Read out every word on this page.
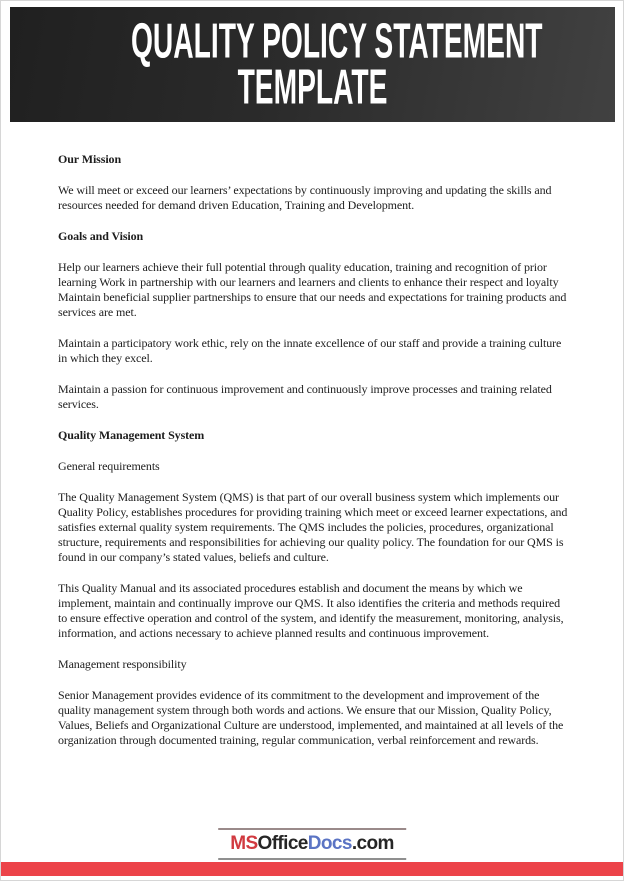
QUALITY POLICY STATEMENT
TEMPLATE
Our Mission
We will meet or exceed our learners’ expectations by continuously improving and updating the skills and resources needed for demand driven Education, Training and Development.
Goals and Vision
Help our learners achieve their full potential through quality education, training and recognition of prior learning Work in partnership with our learners and learners and clients to enhance their respect and loyalty Maintain beneficial supplier partnerships to ensure that our needs and expectations for training products and services are met.
Maintain a participatory work ethic, rely on the innate excellence of our staff and provide a training culture in which they excel.
Maintain a passion for continuous improvement and continuously improve processes and training related services.
Quality Management System
General requirements
The Quality Management System (QMS) is that part of our overall business system which implements our Quality Policy, establishes procedures for providing training which meet or exceed learner expectations, and satisfies external quality system requirements. The QMS includes the policies, procedures, organizational structure, requirements and responsibilities for achieving our quality policy. The foundation for our QMS is found in our company’s stated values, beliefs and culture.
This Quality Manual and its associated procedures establish and document the means by which we implement, maintain and continually improve our QMS. It also identifies the criteria and methods required to ensure effective operation and control of the system, and identify the measurement, monitoring, analysis, information, and actions necessary to achieve planned results and continuous improvement.
Management responsibility
Senior Management provides evidence of its commitment to the development and improvement of the quality management system through both words and actions. We ensure that our Mission, Quality Policy, Values, Beliefs and Organizational Culture are understood, implemented, and maintained at all levels of the organization through documented training, regular communication, verbal reinforcement and rewards.
MSOfficeDocs.com
